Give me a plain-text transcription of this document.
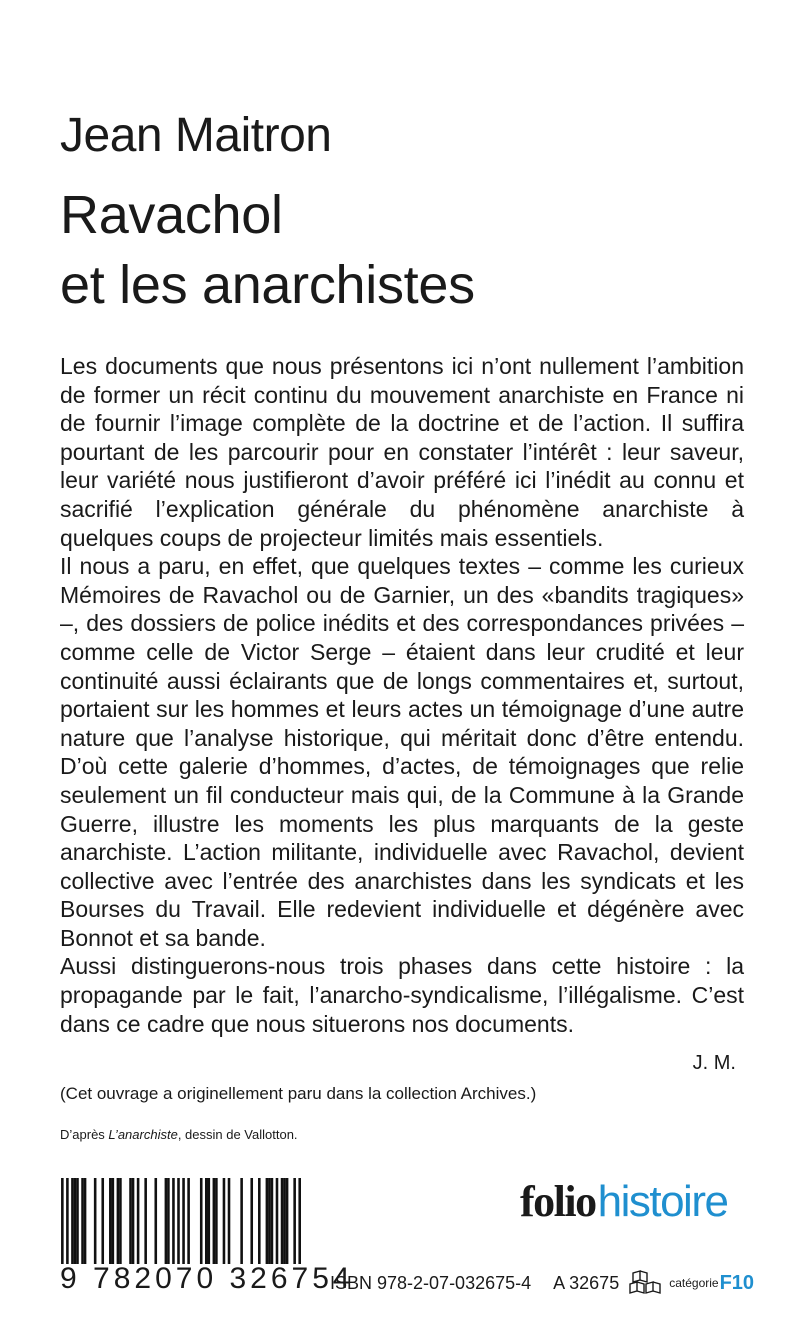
Jean Maitron
Ravachol
et les anarchistes

Les documents que nous présentons ici n’ont nullement l’ambition de former un récit continu du mouvement anarchiste en France ni de fournir l’image complète de la doctrine et de l’action. Il suffira pourtant de les parcourir pour en constater l’intérêt : leur saveur, leur variété nous justifieront d’avoir préféré ici l’inédit au connu et sacrifié l’explication générale du phénomène anarchiste à quelques coups de projecteur limités mais essentiels.

Il nous a paru, en effet, que quelques textes – comme les curieux Mémoires de Ravachol ou de Garnier, un des «bandits tragiques» –, des dossiers de police inédits et des correspondances privées – comme celle de Victor Serge – étaient dans leur crudité et leur continuité aussi éclairants que de longs commentaires et, surtout, portaient sur les hommes et leurs actes un témoignage d’une autre nature que l’analyse historique, qui méritait donc d’être entendu. D’où cette galerie d’hommes, d’actes, de témoignages que relie seulement un fil conducteur mais qui, de la Commune à la Grande Guerre, illustre les moments les plus marquants de la geste anarchiste. L’action militante, individuelle avec Ravachol, devient collective avec l’entrée des anarchistes dans les syndicats et les Bourses du Travail. Elle redevient individuelle et dégénère avec Bonnot et sa bande.

Aussi distinguerons-nous trois phases dans cette histoire : la propagande par le fait, l’anarcho-syndicalisme, l’illégalisme. C’est dans ce cadre que nous situerons nos documents.

J. M.
(Cet ouvrage a originellement paru dans la collection Archives.)
D’après L’anarchiste, dessin de Vallotton.
9 782070 326754
foliohistoire
ISBN 978-2-07-032675-4 A 32675	catégorie F10
